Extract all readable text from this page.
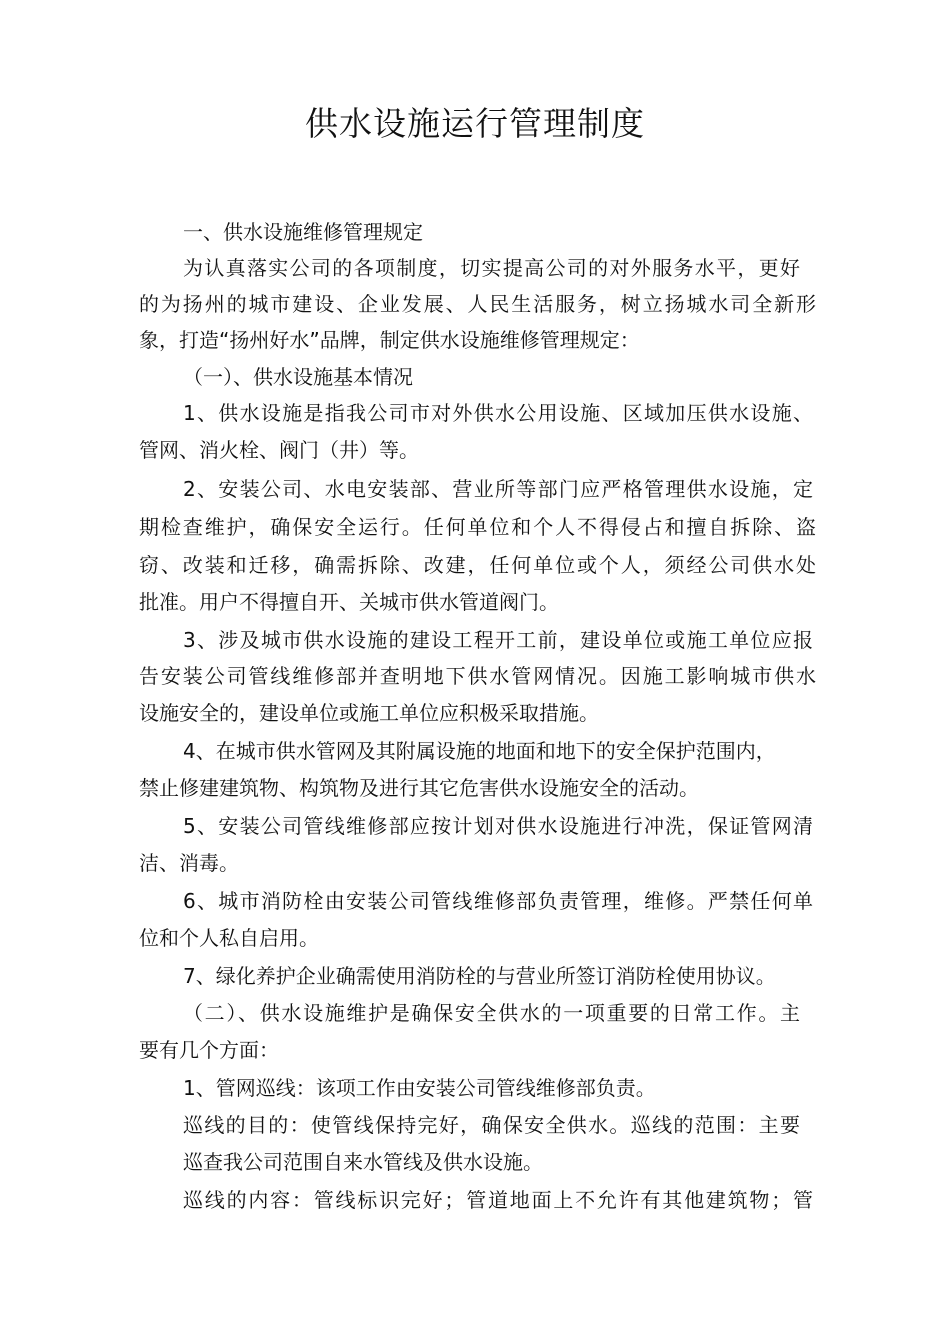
供水设施运行管理制度
一、供水设施维修管理规定
为认真落实公司的各项制度，切实提高公司的对外服务水平，更好
的为扬州的城市建设、企业发展、人民生活服务，树立扬城水司全新形
象，打造“扬州好水”品牌，制定供水设施维修管理规定：
（一）、供水设施基本情况
1、供水设施是指我公司市对外供水公用设施、区域加压供水设施、
管网、消火栓、阀门（井）等。
2、安装公司、水电安装部、营业所等部门应严格管理供水设施，定
期检查维护，确保安全运行。任何单位和个人不得侵占和擅自拆除、盗
窃、改装和迁移，确需拆除、改建，任何单位或个人，须经公司供水处
批准。用户不得擅自开、关城市供水管道阀门。
3、涉及城市供水设施的建设工程开工前，建设单位或施工单位应报
告安装公司管线维修部并查明地下供水管网情况。因施工影响城市供水
设施安全的，建设单位或施工单位应积极采取措施。
4、在城市供水管网及其附属设施的地面和地下的安全保护范围内，
禁止修建建筑物、构筑物及进行其它危害供水设施安全的活动。
5、安装公司管线维修部应按计划对供水设施进行冲洗，保证管网清
洁、消毒。
6、城市消防栓由安装公司管线维修部负责管理，维修。严禁任何单
位和个人私自启用。
7、绿化养护企业确需使用消防栓的与营业所签订消防栓使用协议。
（二）、供水设施维护是确保安全供水的一项重要的日常工作。主
要有几个方面：
1、管网巡线：该项工作由安装公司管线维修部负责。
巡线的目的：使管线保持完好，确保安全供水。巡线的范围：主要
巡查我公司范围自来水管线及供水设施。
巡线的内容：管线标识完好；管道地面上不允许有其他建筑物；管
